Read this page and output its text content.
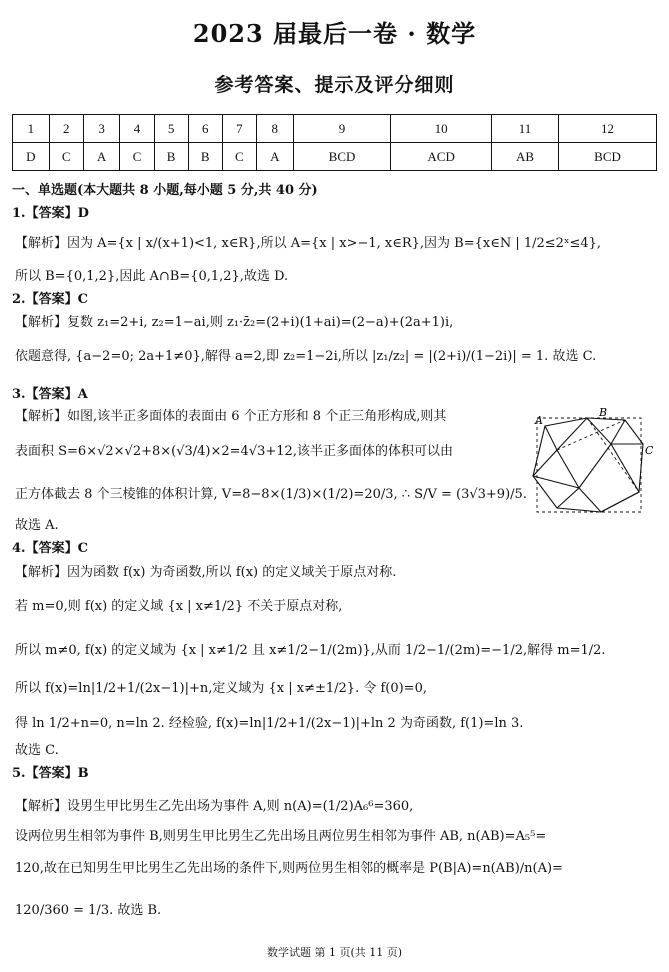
2023 届最后一卷 · 数学
参考答案、提示及评分细则
1	2	3	4	5	6	7	8	9	10	11	12
D	C	A	C	B	B	C	A	BCD	ACD	AB	BCD
一、单选题(本大题共 8 小题,每小题 5 分,共 40 分)
1.【答案】D
【解析】因为 A={x | x/(x+1)<1, x∈R},所以 A={x | x>−1, x∈R},因为 B={x∈N | 1/2≤2ˣ≤4},
所以 B={0,1,2},因此 A∩B={0,1,2},故选 D.
2.【答案】C
【解析】复数 z₁=2+i, z₂=1−ai,则 z₁·z̄₂=(2+i)(1+ai)=(2−a)+(2a+1)i,
依题意得, {a−2=0; 2a+1≠0},解得 a=2,即 z₂=1−2i,所以 |z₁/z₂| = |(2+i)/(1−2i)| = 1. 故选 C.
3.【答案】A
【解析】如图,该半正多面体的表面由 6 个正方形和 8 个正三角形构成,则其
表面积 S=6×√2×√2+8×(√3/4)×2=4√3+12,该半正多面体的体积可以由
正方体截去 8 个三棱锥的体积计算, V=8−8×(1/3)×(1/2)=20/3, ∴ S/V = (3√3+9)/5.
故选 A.
A
B
C
4.【答案】C
【解析】因为函数 f(x) 为奇函数,所以 f(x) 的定义域关于原点对称.
若 m=0,则 f(x) 的定义域 {x | x≠1/2} 不关于原点对称,
所以 m≠0, f(x) 的定义域为 {x | x≠1/2 且 x≠1/2−1/(2m)},从而 1/2−1/(2m)=−1/2,解得 m=1/2.
所以 f(x)=ln|1/2+1/(2x−1)|+n,定义域为 {x | x≠±1/2}. 令 f(0)=0,
得 ln 1/2+n=0, n=ln 2. 经检验, f(x)=ln|1/2+1/(2x−1)|+ln 2 为奇函数, f(1)=ln 3.
故选 C.
5.【答案】B
【解析】设男生甲比男生乙先出场为事件 A,则 n(A)=(1/2)A₆⁶=360,
设两位男生相邻为事件 B,则男生甲比男生乙先出场且两位男生相邻为事件 AB, n(AB)=A₅⁵=
120,故在已知男生甲比男生乙先出场的条件下,则两位男生相邻的概率是 P(B|A)=n(AB)/n(A)=
120/360 = 1/3. 故选 B.
数学试题 第 1 页(共 11 页)
